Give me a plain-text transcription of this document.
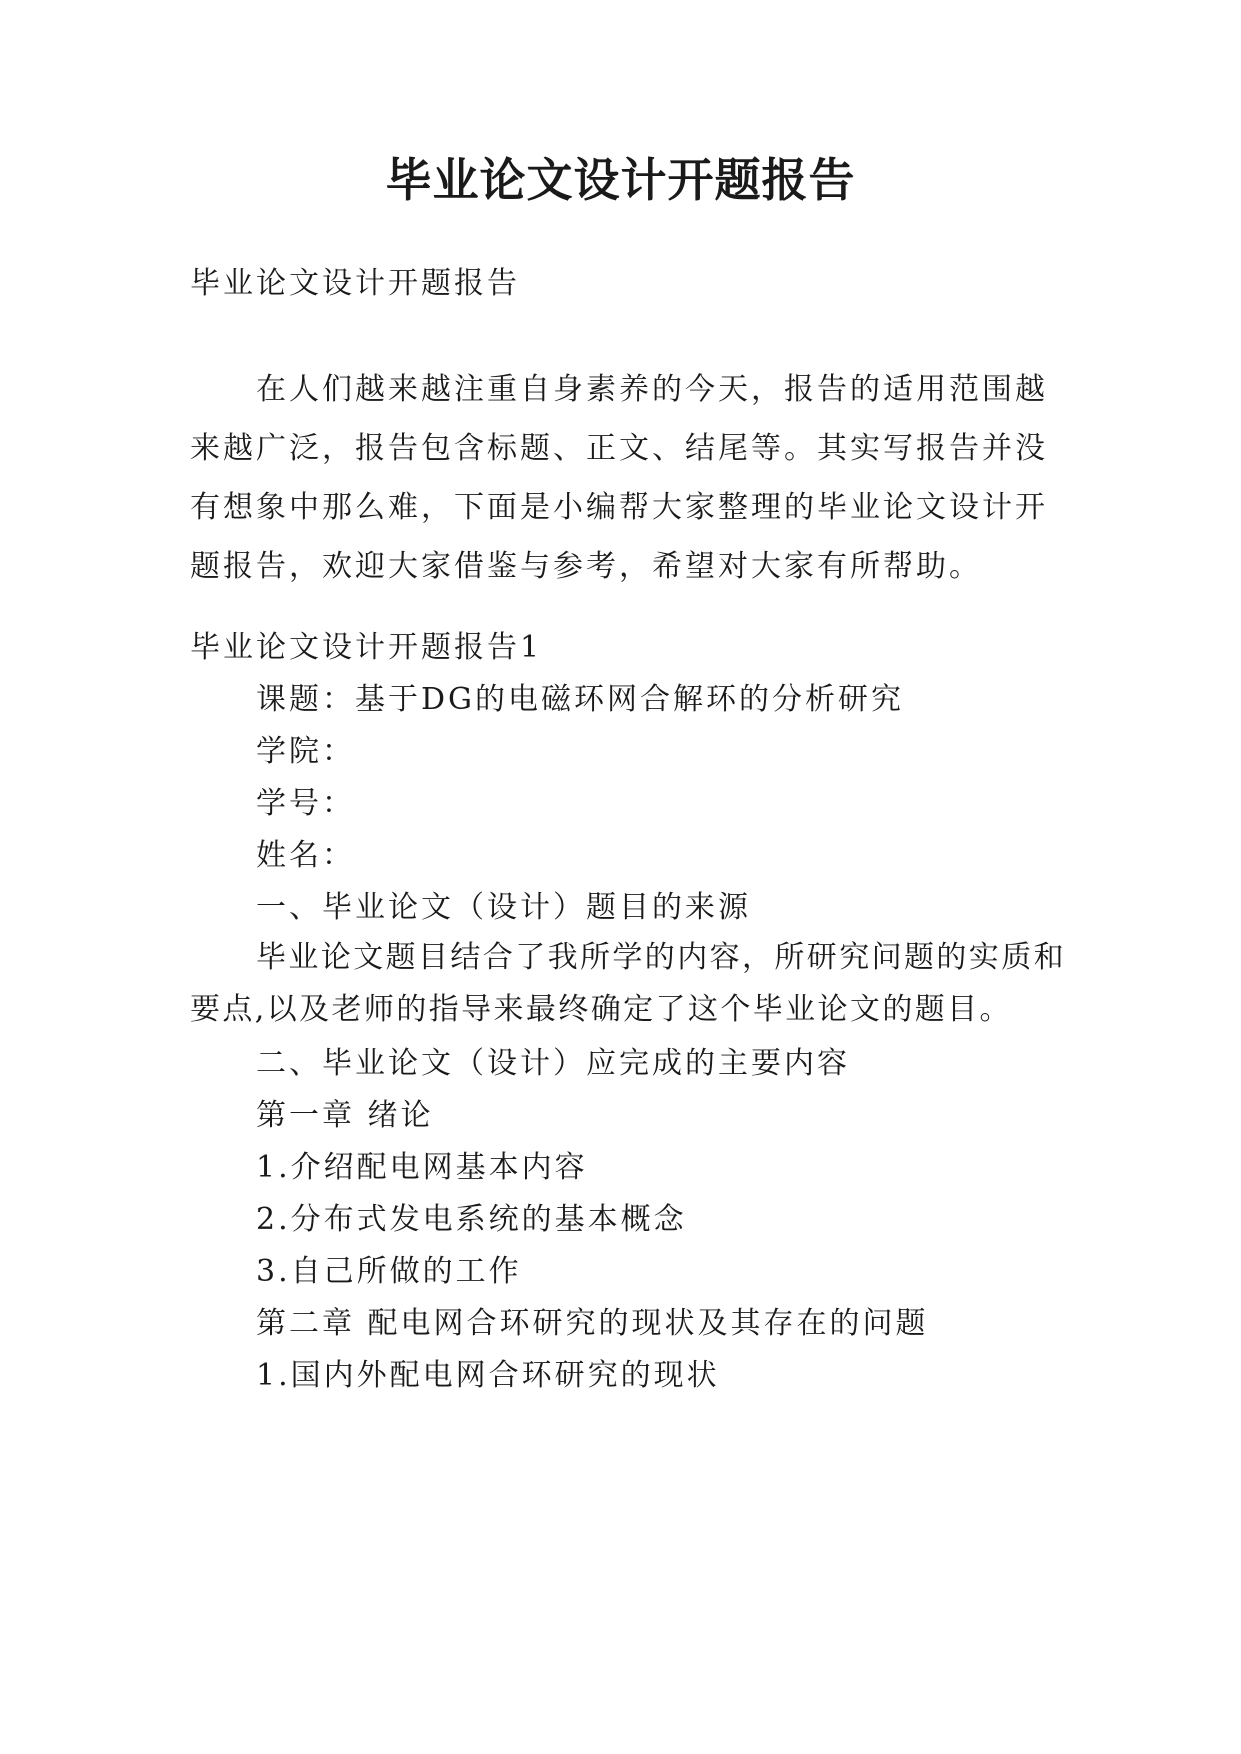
毕业论文设计开题报告

毕业论文设计开题报告

在人们越来越注重自身素养的今天，报告的适用范围越来越广泛，报告包含标题、正文、结尾等。其实写报告并没有想象中那么难，下面是小编帮大家整理的毕业论文设计开题报告，欢迎大家借鉴与参考，希望对大家有所帮助。

毕业论文设计开题报告1

课题：基于DG的电磁环网合解环的分析研究

学院：

学号：

姓名：

一、毕业论文（设计）题目的来源

毕业论文题目结合了我所学的内容，所研究问题的实质和要点,以及老师的指导来最终确定了这个毕业论文的题目。

二、毕业论文（设计）应完成的主要内容

第一章 绪论

1.介绍配电网基本内容

2.分布式发电系统的基本概念

3.自己所做的工作

第二章 配电网合环研究的现状及其存在的问题

1.国内外配电网合环研究的现状
